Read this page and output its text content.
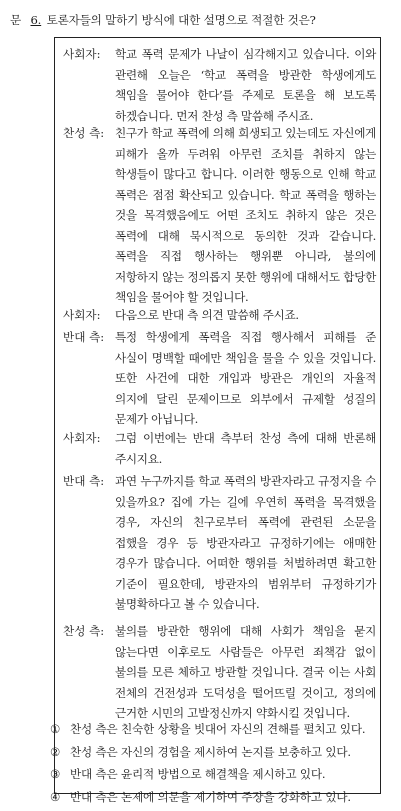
문 6. 토론자들의 말하기 방식에 대한 설명으로 적절한 것은?
사회자:	학교 폭력 문제가 나날이 심각해지고 있습니다. 이와 관련해 오늘은 ‘학교 폭력을 방관한 학생에게도 책임을 물어야 한다’를 주제로 토론을 해 보도록 하겠습니다. 먼저 찬성 측 말씀해 주시죠.
찬성 측: 친구가 학교 폭력에 의해 희생되고 있는데도 자신에게 피해가 올까 두려워 아무런 조치를 취하지 않는 학생들이 많다고 합니다. 이러한 행동으로 인해 학교 폭력은 점점 확산되고 있습니다. 학교 폭력을 행하는 것을 목격했음에도 어떤 조치도 취하지 않은 것은 폭력에 대해 묵시적으로 동의한 것과 같습니다. 폭력을 직접 행사하는 행위뿐 아니라, 불의에 저항하지 않는 정의롭지 못한 행위에 대해서도 합당한 책임을 물어야 할 것입니다.
사회자:	다음으로 반대 측 의견 말씀해 주시죠.
반대 측: 특정 학생에게 폭력을 직접 행사해서 피해를 준 사실이 명백할 때에만 책임을 물을 수 있을 것입니다. 또한 사건에 대한 개입과 방관은 개인의 자율적 의지에 달린 문제이므로 외부에서 규제할 성질의 문제가 아닙니다.
사회자:	그럼 이번에는 반대 측부터 찬성 측에 대해 반론해 주시지요.
반대 측: 과연 누구까지를 학교 폭력의 방관자라고 규정지을 수 있을까요? 집에 가는 길에 우연히 폭력을 목격했을 경우, 자신의 친구로부터 폭력에 관련된 소문을 접했을 경우 등 방관자라고 규정하기에는 애매한 경우가 많습니다. 어떠한 행위를 처벌하려면 확고한 기준이 필요한데, 방관자의 범위부터 규정하기가 불명확하다고 볼 수 있습니다.
찬성 측: 불의를 방관한 행위에 대해 사회가 책임을 묻지 않는다면 이후로도 사람들은 아무런 죄책감 없이 불의를 모른 체하고 방관할 것입니다. 결국 이는 사회 전체의 건전성과 도덕성을 떨어뜨릴 것이고, 정의에 근거한 시민의 고발정신까지 약화시킬 것입니다.
① 찬성 측은 친숙한 상황을 빗대어 자신의 견해를 펼치고 있다.
② 찬성 측은 자신의 경험을 제시하여 논지를 보충하고 있다.
③ 반대 측은 윤리적 방법으로 해결책을 제시하고 있다.
④ 반대 측은 논제에 의문을 제기하여 주장을 강화하고 있다.
